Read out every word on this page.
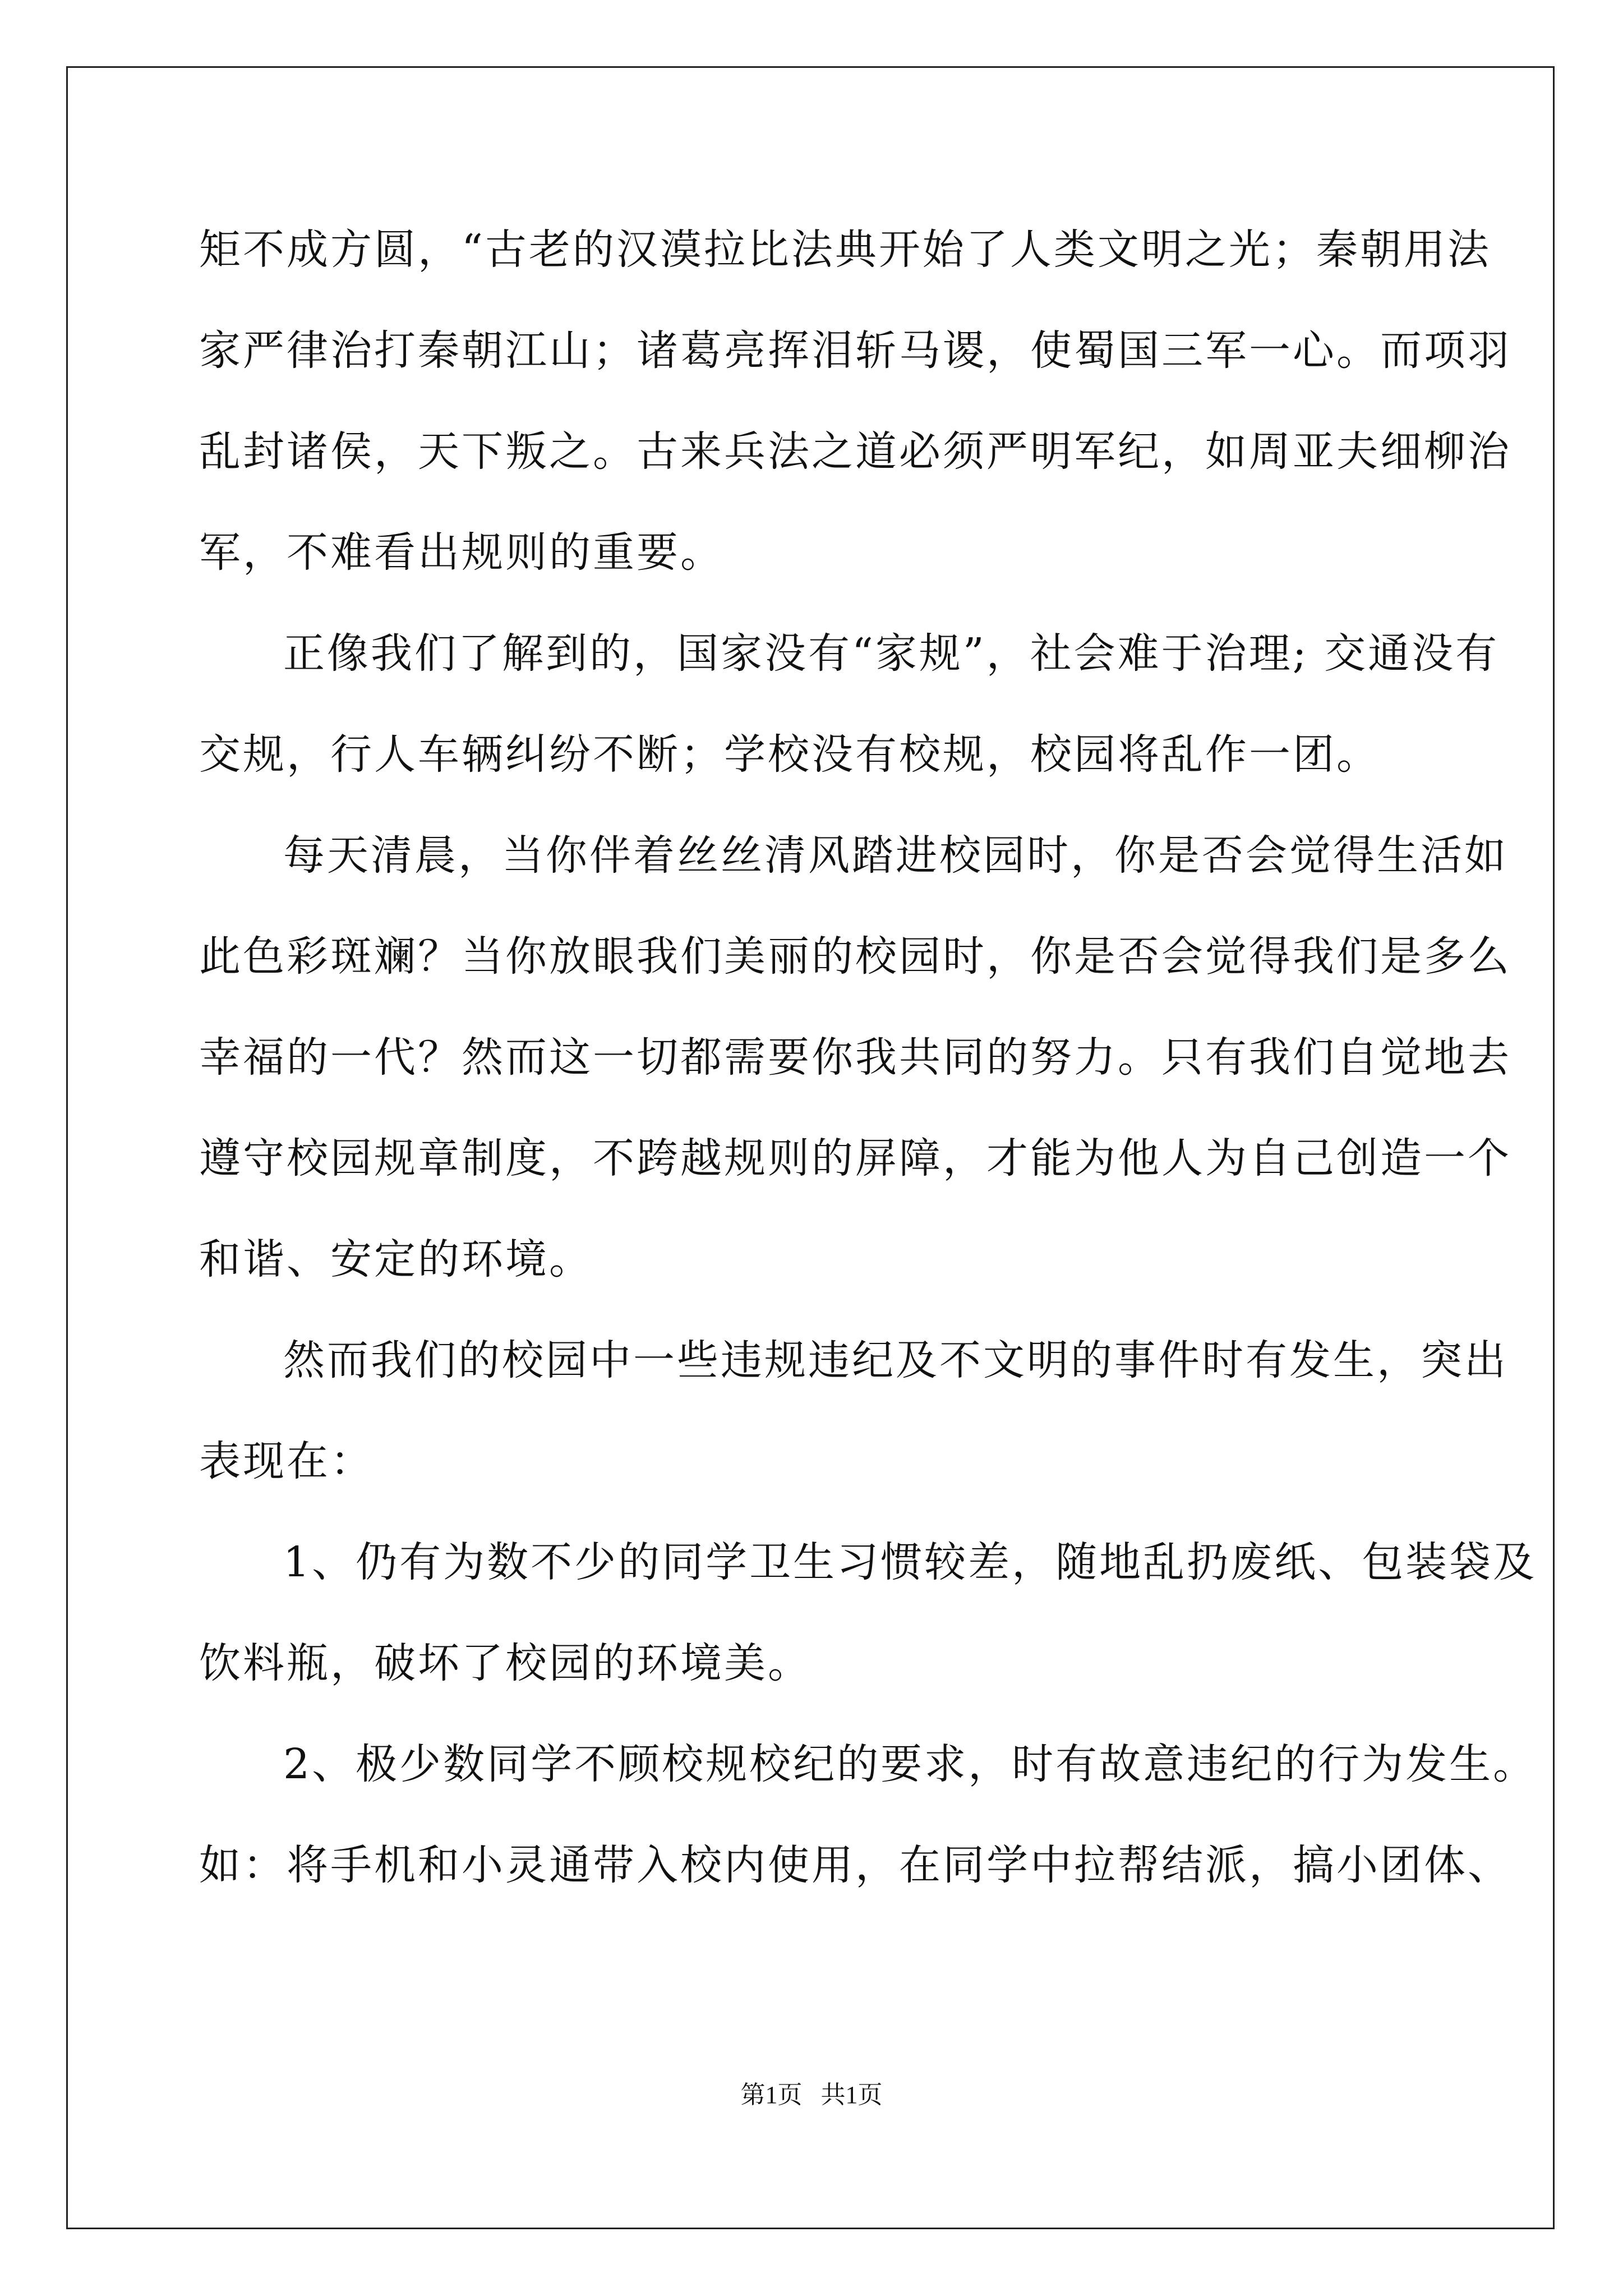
矩不成方圆，“古老的汉漠拉比法典开始了人类文明之光；秦朝用法
家严律治打秦朝江山；诸葛亮挥泪斩马谡，使蜀国三军一心。而项羽
乱封诸侯，天下叛之。古来兵法之道必须严明军纪，如周亚夫细柳治
军，不难看出规则的重要。
正像我们了解到的，国家没有“家规”，社会难于治理; 交通没有
交规，行人车辆纠纷不断；学校没有校规，校园将乱作一团。
每天清晨，当你伴着丝丝清风踏进校园时，你是否会觉得生活如
此色彩斑斓？当你放眼我们美丽的校园时，你是否会觉得我们是多么
幸福的一代？然而这一切都需要你我共同的努力。只有我们自觉地去
遵守校园规章制度，不跨越规则的屏障，才能为他人为自己创造一个
和谐、安定的环境。
然而我们的校园中一些违规违纪及不文明的事件时有发生，突出
表现在：
1、仍有为数不少的同学卫生习惯较差，随地乱扔废纸、包装袋及
饮料瓶，破坏了校园的环境美。
2、极少数同学不顾校规校纪的要求，时有故意违纪的行为发生。
如：将手机和小灵通带入校内使用，在同学中拉帮结派，搞小团体、
第1页   共1页
